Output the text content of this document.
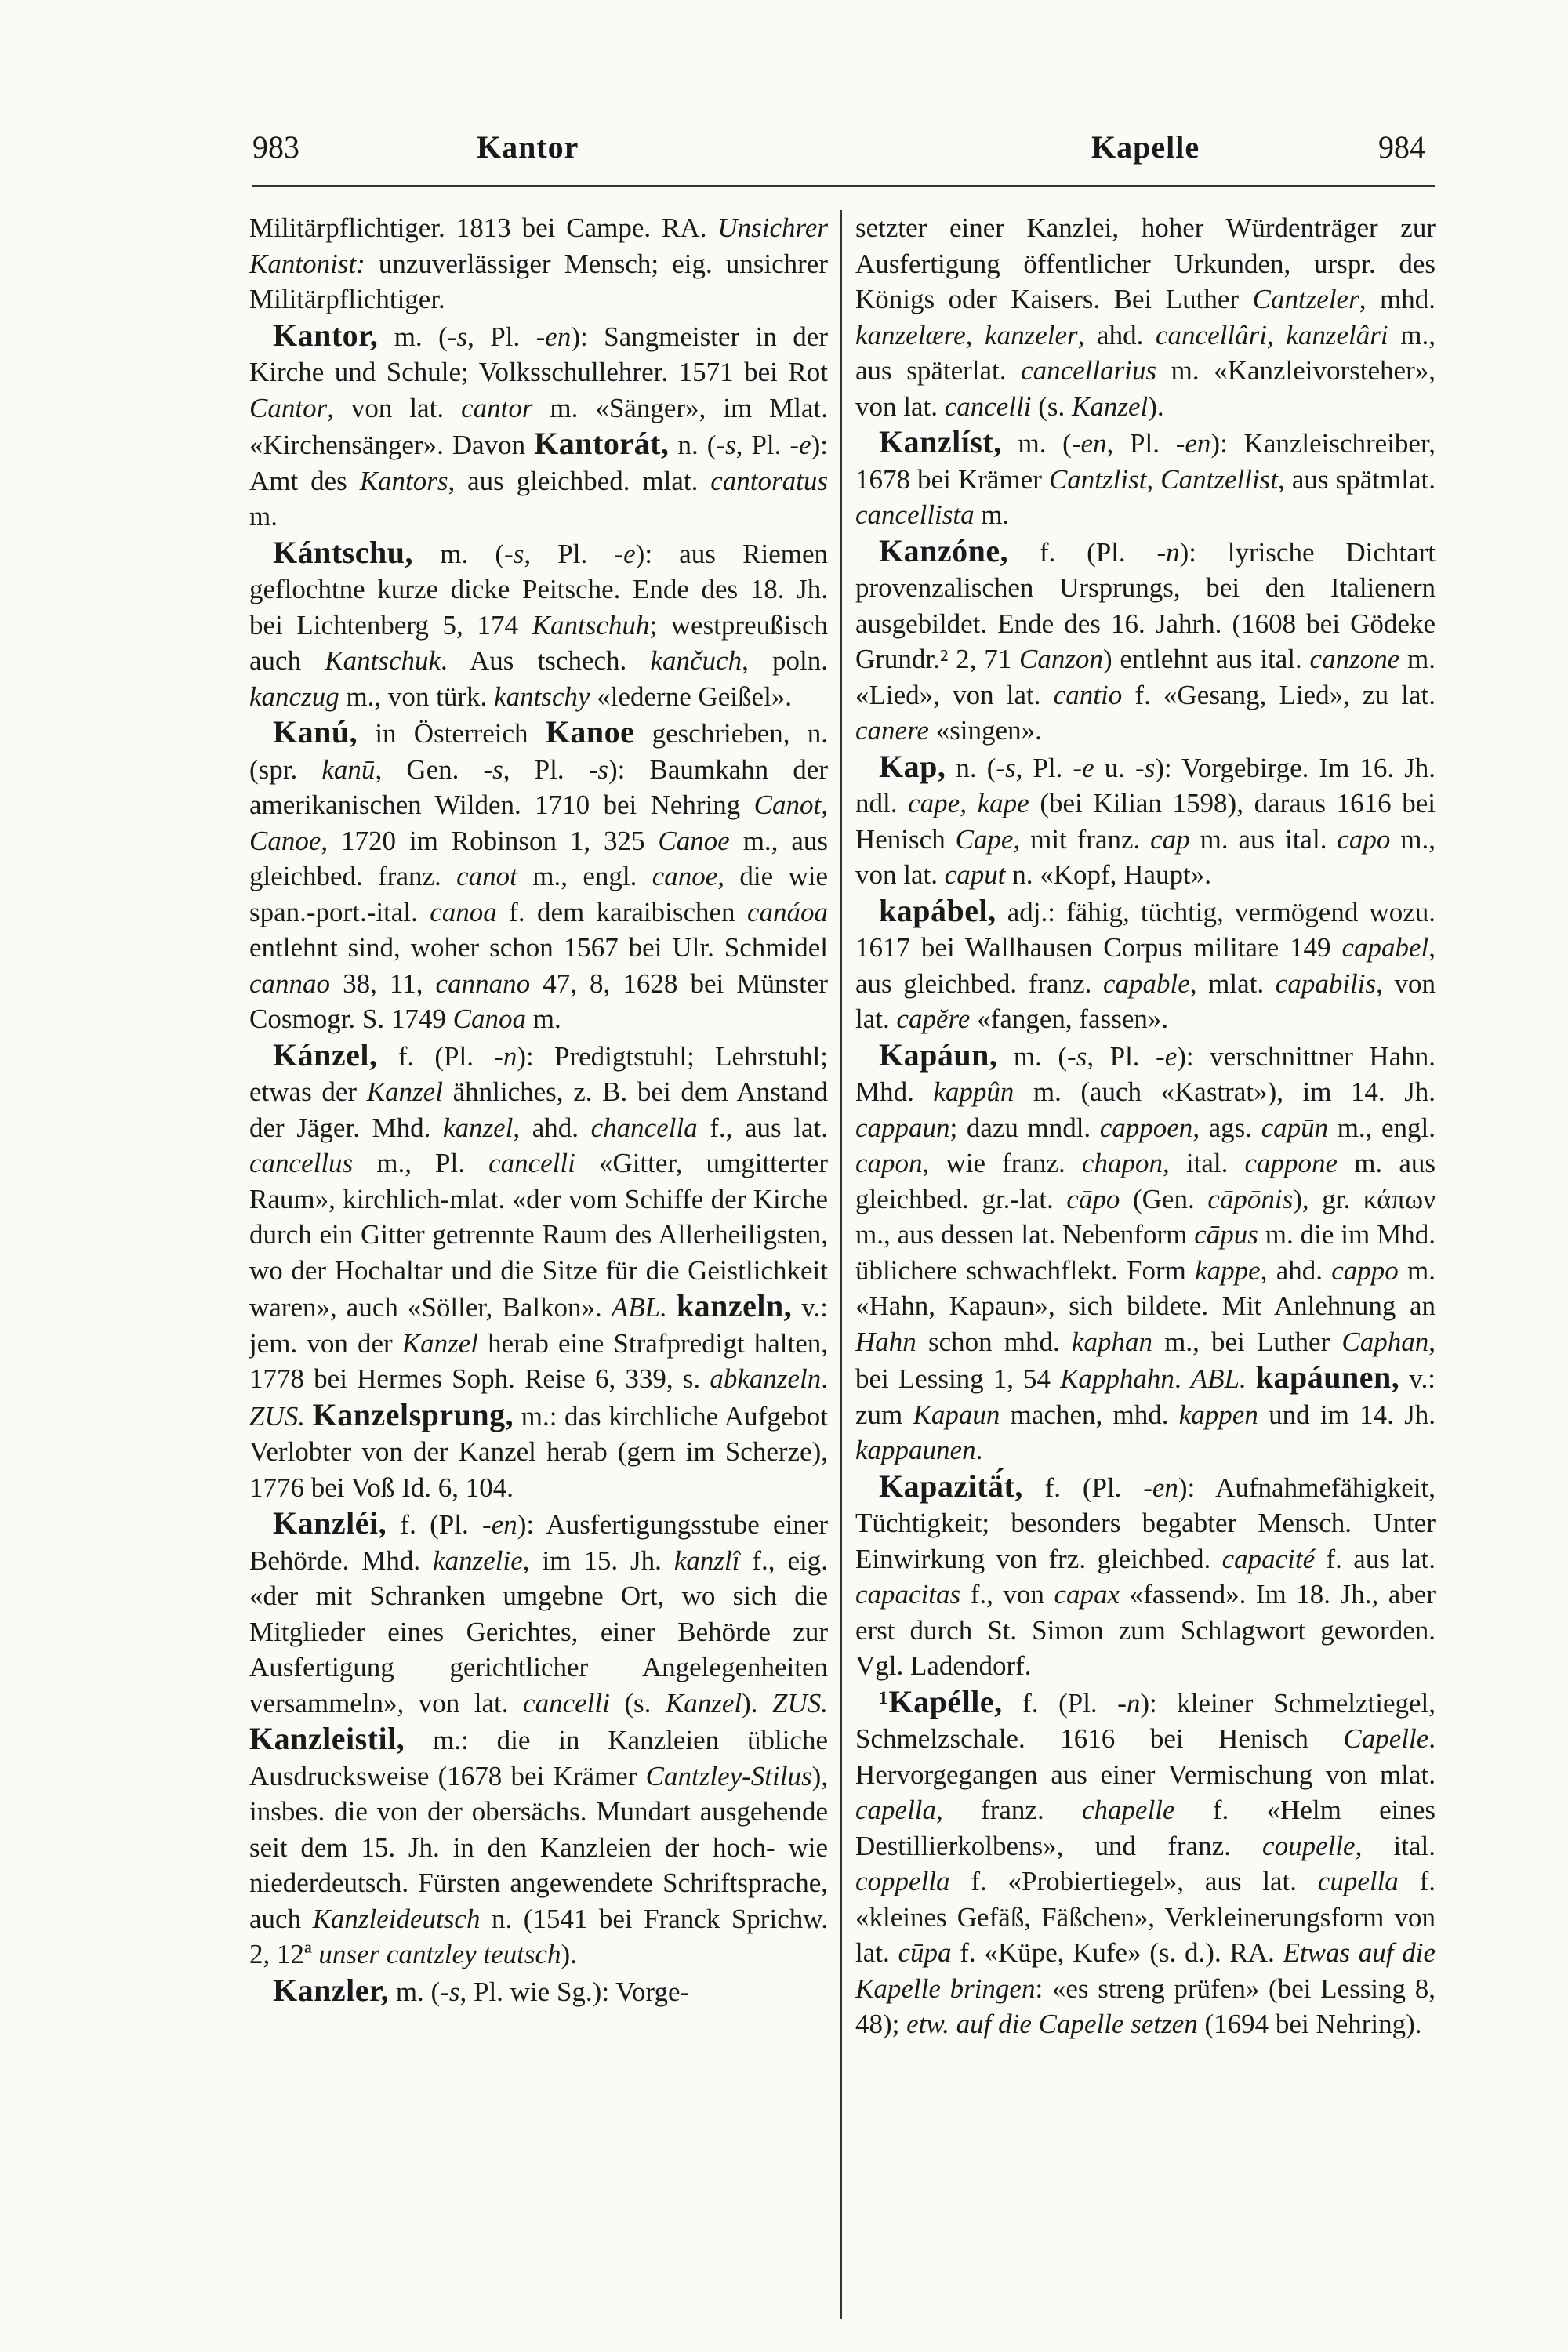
983	Kantor	Kapelle	984

Militärpflichtiger. 1813 bei Campe. RA. Unsichrer Kantonist: unzuverlässiger Mensch; eig. unsichrer Militärpflichtiger.

Kantor, m. (-s, Pl. -en): Sangmeister in der Kirche und Schule; Volksschullehrer. 1571 bei Rot Cantor, von lat. cantor m. «Sänger», im Mlat. «Kirchensänger». Davon Kantorát, n. (-s, Pl. -e): Amt des Kantors, aus gleichbed. mlat. cantoratus m.

Kántschu, m. (-s, Pl. -e): aus Riemen geflochtne kurze dicke Peitsche. Ende des 18. Jh. bei Lichtenberg 5, 174 Kantschuh; westpreußisch auch Kantschuk. Aus tschech. kančuch, poln. kanczug m., von türk. kantschy «lederne Geißel».

Kanú, in Österreich Kanoe geschrieben, n. (spr. kanū, Gen. -s, Pl. -s): Baumkahn der amerikanischen Wilden. 1710 bei Nehring Canot, Canoe, 1720 im Robinson 1, 325 Canoe m., aus gleichbed. franz. canot m., engl. canoe, die wie span.-port.-ital. canoa f. dem karaibischen canáoa entlehnt sind, woher schon 1567 bei Ulr. Schmidel cannao 38, 11, cannano 47, 8, 1628 bei Münster Cosmogr. S. 1749 Canoa m.

Kánzel, f. (Pl. -n): Predigtstuhl; Lehrstuhl; etwas der Kanzel ähnliches, z. B. bei dem Anstand der Jäger. Mhd. kanzel, ahd. chancella f., aus lat. cancellus m., Pl. cancelli «Gitter, umgitterter Raum», kirchlich-mlat. «der vom Schiffe der Kirche durch ein Gitter getrennte Raum des Allerheiligsten, wo der Hochaltar und die Sitze für die Geistlichkeit waren», auch «Söller, Balkon». ABL. kanzeln, v.: jem. von der Kanzel herab eine Strafpredigt halten, 1778 bei Hermes Soph. Reise 6, 339, s. abkanzeln. ZUS. Kanzelsprung, m.: das kirchliche Aufgebot Verlobter von der Kanzel herab (gern im Scherze), 1776 bei Voß Id. 6, 104.

Kanzléi, f. (Pl. -en): Ausfertigungsstube einer Behörde. Mhd. kanzelie, im 15. Jh. kanzlî f., eig. «der mit Schranken umgebne Ort, wo sich die Mitglieder eines Gerichtes, einer Behörde zur Ausfertigung gerichtlicher Angelegenheiten versammeln», von lat. cancelli (s. Kanzel). ZUS. Kanzleistil, m.: die in Kanzleien übliche Ausdrucksweise (1678 bei Krämer Cantzley-Stilus), insbes. die von der obersächs. Mundart ausgehende seit dem 15. Jh. in den Kanzleien der hoch- wie niederdeutsch. Fürsten angewendete Schriftsprache, auch Kanzleideutsch n. (1541 bei Franck Sprichw. 2, 12ª unser cantzley teutsch).

Kanzler, m. (-s, Pl. wie Sg.): Vorge-

setzter einer Kanzlei, hoher Würdenträger zur Ausfertigung öffentlicher Urkunden, urspr. des Königs oder Kaisers. Bei Luther Cantzeler, mhd. kanzelære, kanzeler, ahd. cancellâri, kanzelâri m., aus späterlat. cancellarius m. «Kanzleivorsteher», von lat. cancelli (s. Kanzel).

Kanzlíst, m. (-en, Pl. -en): Kanzleischreiber, 1678 bei Krämer Cantzlist, Cantzellist, aus spätmlat. cancellista m.

Kanzóne, f. (Pl. -n): lyrische Dichtart provenzalischen Ursprungs, bei den Italienern ausgebildet. Ende des 16. Jahrh. (1608 bei Gödeke Grundr.² 2, 71 Canzon) entlehnt aus ital. canzone m. «Lied», von lat. cantio f. «Gesang, Lied», zu lat. canere «singen».

Kap, n. (-s, Pl. -e u. -s): Vorgebirge. Im 16. Jh. ndl. cape, kape (bei Kilian 1598), daraus 1616 bei Henisch Cape, mit franz. cap m. aus ital. capo m., von lat. caput n. «Kopf, Haupt».

kapábel, adj.: fähig, tüchtig, vermögend wozu. 1617 bei Wallhausen Corpus militare 149 capabel, aus gleichbed. franz. capable, mlat. capabilis, von lat. capĕre «fangen, fassen».

Kapáun, m. (-s, Pl. -e): verschnittner Hahn. Mhd. kappûn m. (auch «Kastrat»), im 14. Jh. cappaun; dazu mndl. cappoen, ags. capūn m., engl. capon, wie franz. chapon, ital. cappone m. aus gleichbed. gr.-lat. cāpo (Gen. cāpōnis), gr. κάπων m., aus dessen lat. Nebenform cāpus m. die im Mhd. üblichere schwachflekt. Form kappe, ahd. cappo m. «Hahn, Kapaun», sich bildete. Mit Anlehnung an Hahn schon mhd. kaphan m., bei Luther Caphan, bei Lessing 1, 54 Kapphahn. ABL. kapáunen, v.: zum Kapaun machen, mhd. kappen und im 14. Jh. kappaunen.

Kapazitä́t, f. (Pl. -en): Aufnahmefähigkeit, Tüchtigkeit; besonders begabter Mensch. Unter Einwirkung von frz. gleichbed. capacité f. aus lat. capacitas f., von capax «fassend». Im 18. Jh., aber erst durch St. Simon zum Schlagwort geworden. Vgl. Ladendorf.

¹Kapélle, f. (Pl. -n): kleiner Schmelztiegel, Schmelzschale. 1616 bei Henisch Capelle. Hervorgegangen aus einer Vermischung von mlat. capella, franz. chapelle f. «Helm eines Destillierkolbens», und franz. coupelle, ital. coppella f. «Probiertiegel», aus lat. cupella f. «kleines Gefäß, Fäßchen», Verkleinerungsform von lat. cūpa f. «Küpe, Kufe» (s. d.). RA. Etwas auf die Kapelle bringen: «es streng prüfen» (bei Lessing 8, 48); etw. auf die Capelle setzen (1694 bei Nehring).
